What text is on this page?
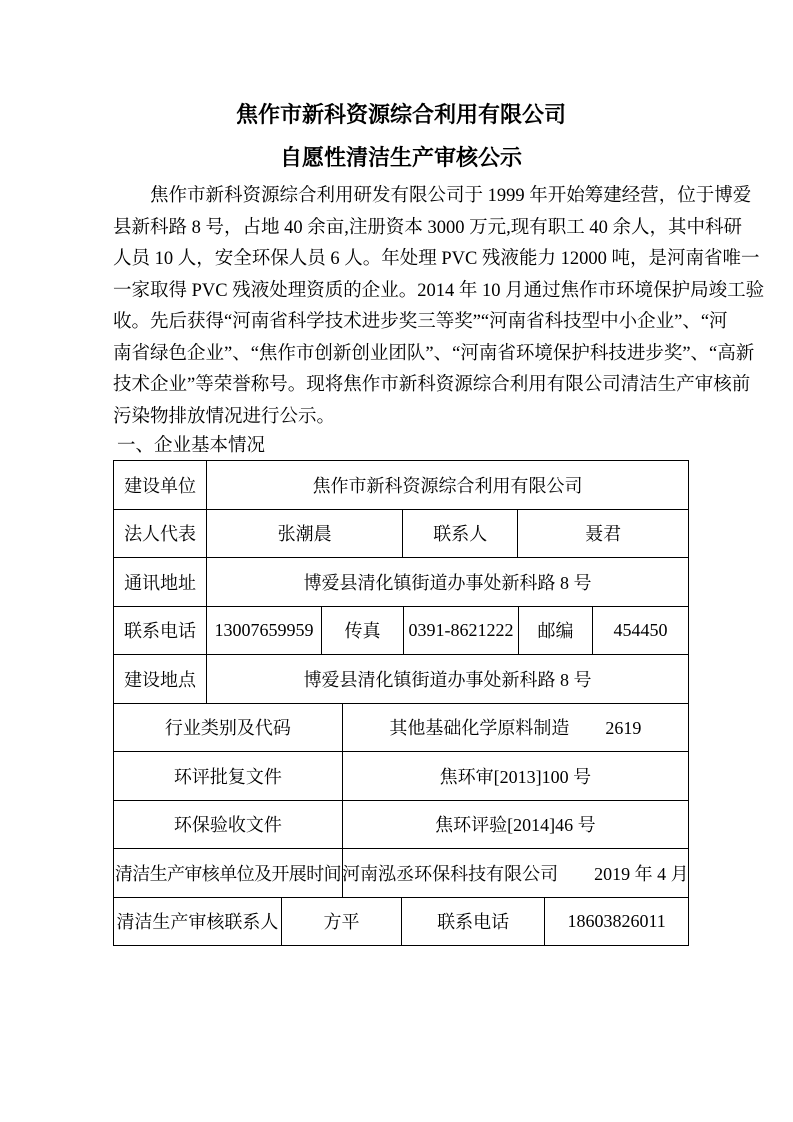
焦作市新科资源综合利用有限公司
自愿性清洁生产审核公示
焦作市新科资源综合利用研发有限公司于 1999 年开始筹建经营，位于博爱
县新科路 8 号，占地 40 余亩,注册资本 3000 万元,现有职工 40 余人，其中科研
人员 10 人，安全环保人员 6 人。年处理 PVC 残液能力 12000 吨，是河南省唯一
一家取得 PVC 残液处理资质的企业。2014 年 10 月通过焦作市环境保护局竣工验
收。先后获得“河南省科学技术进步奖三等奖”“河南省科技型中小企业”、“河
南省绿色企业”、“焦作市创新创业团队”、“河南省环境保护科技进步奖”、“高新
技术企业”等荣誉称号。现将焦作市新科资源综合利用有限公司清洁生产审核前
污染物排放情况进行公示。
一、企业基本情况
建设单位	焦作市新科资源综合利用有限公司
法人代表	张潮晨	联系人	聂君
通讯地址	博爱县清化镇街道办事处新科路 8 号
联系电话	13007659959	传真	0391-8621222	邮编	454450
建设地点	博爱县清化镇街道办事处新科路 8 号
行业类别及代码	其他基础化学原料制造　　2619
环评批复文件	焦环审[2013]100 号
环保验收文件	焦环评验[2014]46 号
清洁生产审核单位及开展时间 河南泓丞环保科技有限公司　　2019 年 4 月
清洁生产审核联系人	方平	联系电话	18603826011
